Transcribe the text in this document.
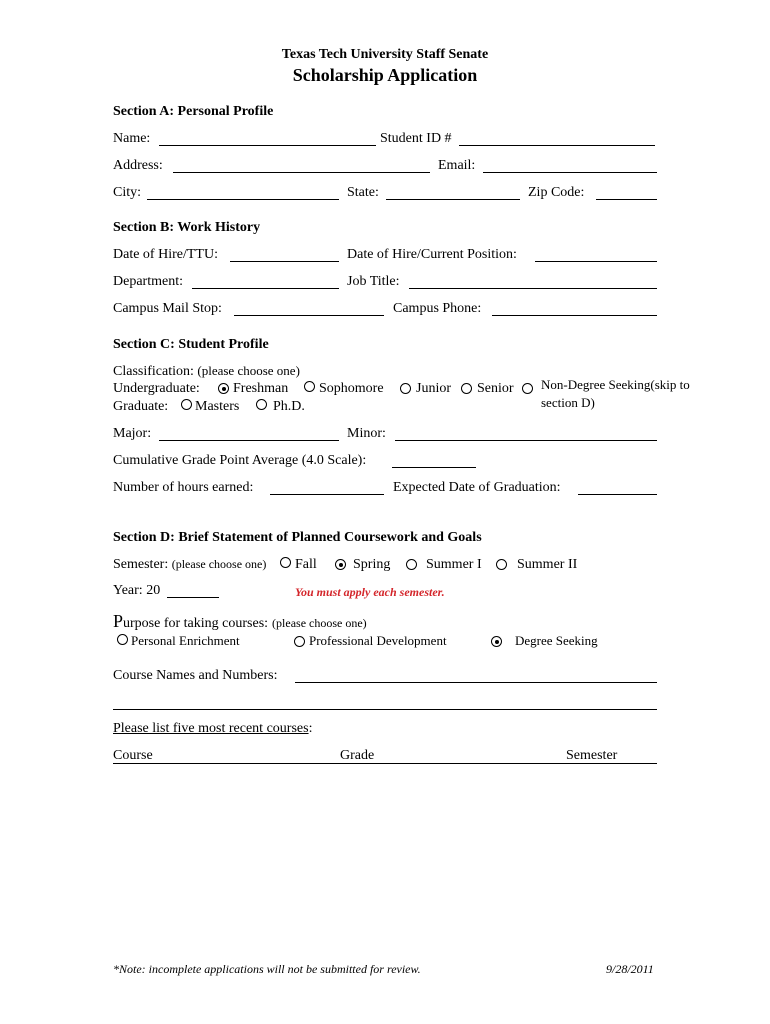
Texas Tech University Staff Senate
Scholarship Application
Section A: Personal Profile
Name:	Student ID #
Address:	Email:
City:	State:	Zip Code:
Section B: Work History
Date of Hire/TTU:	Date of Hire/Current Position:
Department:	Job Title:
Campus Mail Stop:	Campus Phone:
Section C: Student Profile
Classification: (please choose one)
Undergraduate: Freshman Sophomore Junior Senior Non-Degree Seeking(skip to
section D)
Graduate: Masters Ph.D.
Major:	Minor:
Cumulative Grade Point Average (4.0 Scale):
Number of hours earned:	Expected Date of Graduation:
Section D: Brief Statement of Planned Coursework and Goals
Semester: (please choose one) Fall	Spring	Summer I	Summer II
Year: 20	You must apply each semester.
Purpose for taking courses: (please choose one)
Personal Enrichment	Professional Development	Degree Seeking
Course Names and Numbers:
Please list five most recent courses:
Course	Grade	Semester
*Note: incomplete applications will not be submitted for review.	9/28/2011
